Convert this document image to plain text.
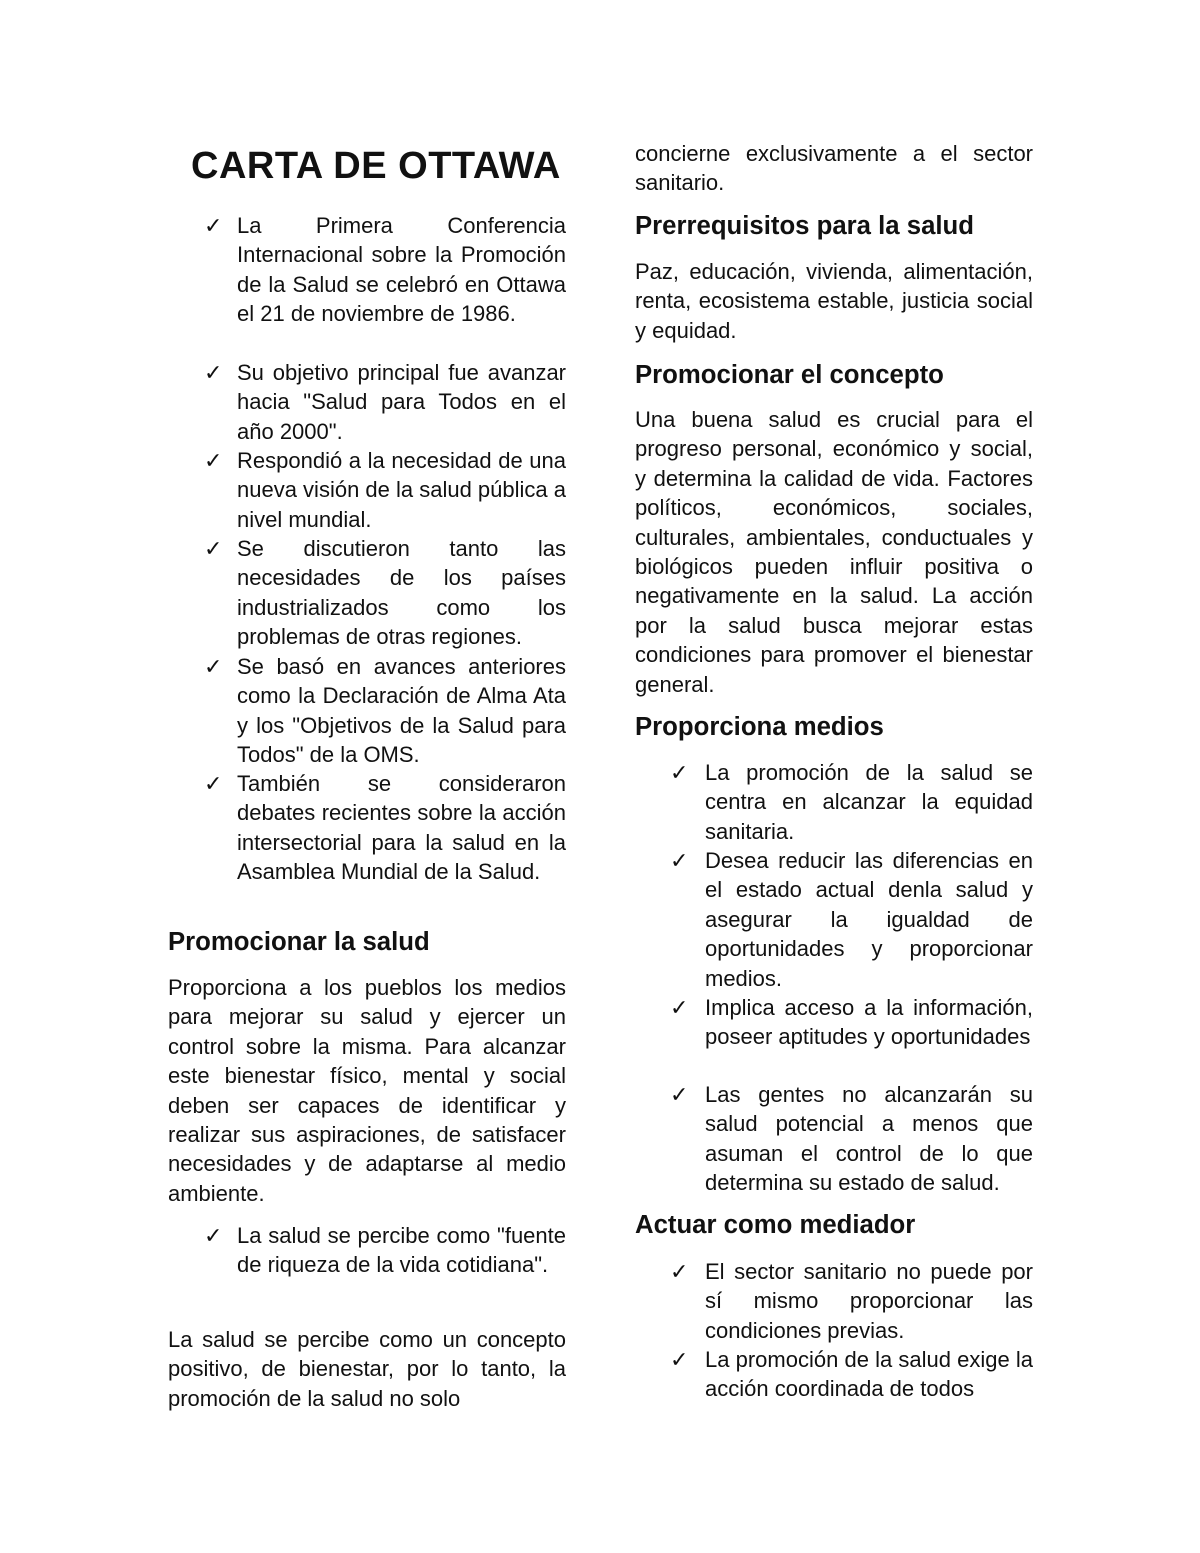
CARTA DE OTTAWA
✓ La Primera Conferencia Internacional sobre la Promoción de la Salud se celebró en Ottawa el 21 de noviembre de 1986.
✓ Su objetivo principal fue avanzar hacia "Salud para Todos en el año 2000".
✓ Respondió a la necesidad de una nueva visión de la salud pública a nivel mundial.
✓ Se discutieron tanto las necesidades de los países industrializados como los problemas de otras regiones.
✓ Se basó en avances anteriores como la Declaración de Alma Ata y los "Objetivos de la Salud para Todos" de la OMS.
✓ También se consideraron debates recientes sobre la acción intersectorial para la salud en la Asamblea Mundial de la Salud.
Promocionar la salud

Proporciona a los pueblos los medios para mejorar su salud y ejercer un control sobre la misma. Para alcanzar este bienestar físico, mental y social deben ser capaces de identificar y realizar sus aspiraciones, de satisfacer necesidades y de adaptarse al medio ambiente.

✓ La salud se percibe como "fuente de riqueza de la vida cotidiana".

La salud se percibe como un concepto positivo, de bienestar, por lo tanto, la promoción de la salud no solo

concierne exclusivamente a el sector sanitario.

Prerrequisitos para la salud

Paz, educación, vivienda, alimentación, renta, ecosistema estable, justicia social y equidad.

Promocionar el concepto

Una buena salud es crucial para el progreso personal, económico y social, y determina la calidad de vida. Factores políticos, económicos, sociales, culturales, ambientales, conductuales y biológicos pueden influir positiva o negativamente en la salud. La acción por la salud busca mejorar estas condiciones para promover el bienestar general.

Proporciona medios
✓ La promoción de la salud se centra en alcanzar la equidad sanitaria.
✓ Desea reducir las diferencias en el estado actual denla salud y asegurar la igualdad de oportunidades y proporcionar medios.
✓ Implica acceso a la información, poseer aptitudes y oportunidades
✓ Las gentes no alcanzarán su salud potencial a menos que asuman el control de lo que determina su estado de salud.
Actuar como mediador
✓ El sector sanitario no puede por sí mismo proporcionar las condiciones previas.
✓ La promoción de la salud exige la acción coordinada de todos
